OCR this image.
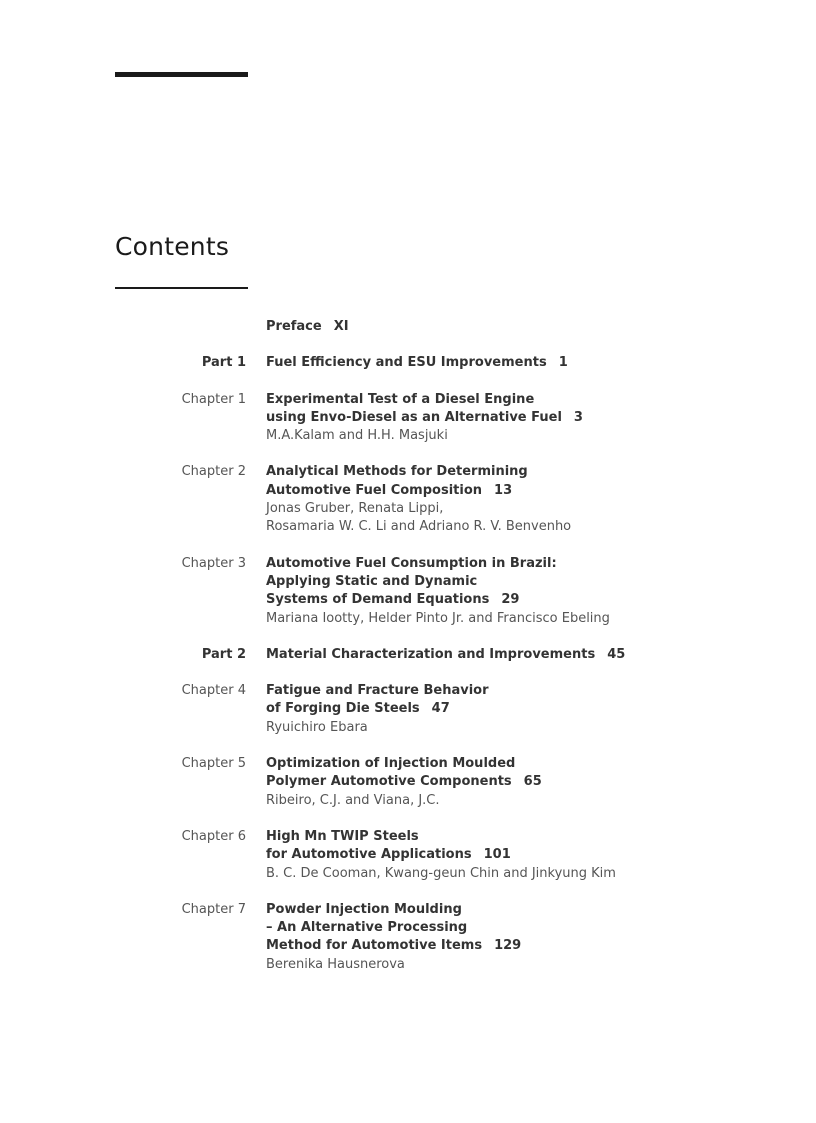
Contents
Preface XI
Part 1 Fuel Efficiency and ESU Improvements 1
Chapter 1 Experimental Test of a Diesel Engine
using Envo-Diesel as an Alternative Fuel 3
M.A.Kalam and H.H. Masjuki
Chapter 2 Analytical Methods for Determining
Automotive Fuel Composition 13
Jonas Gruber, Renata Lippi,
Rosamaria W. C. Li and Adriano R. V. Benvenho
Chapter 3 Automotive Fuel Consumption in Brazil:
Applying Static and Dynamic
Systems of Demand Equations 29
Mariana Iootty, Helder Pinto Jr. and Francisco Ebeling
Part 2 Material Characterization and Improvements 45
Chapter 4 Fatigue and Fracture Behavior
of Forging Die Steels 47
Ryuichiro Ebara
Chapter 5 Optimization of Injection Moulded
Polymer Automotive Components 65
Ribeiro, C.J. and Viana, J.C.
Chapter 6 High Mn TWIP Steels
for Automotive Applications 101
B. C. De Cooman, Kwang-geun Chin and Jinkyung Kim
Chapter 7 Powder Injection Moulding
– An Alternative Processing
Method for Automotive Items 129
Berenika Hausnerova
